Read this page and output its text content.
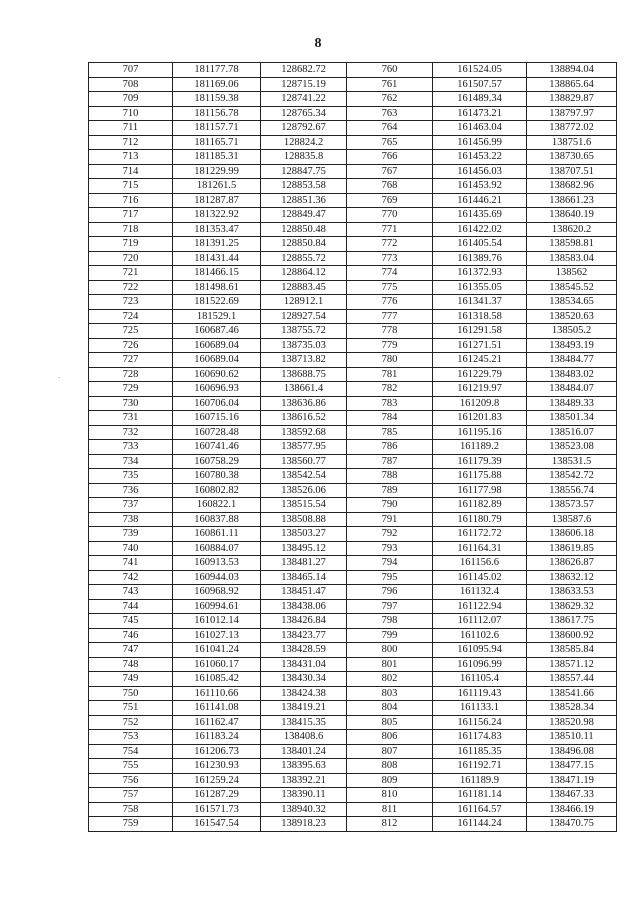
8
.
707	181177.78	128682.72	760	161524.05	138894.04
708	181169.06	128715.19	761	161507.57	138865.64
709	181159.38	128741.22	762	161489.34	138829.87
710	181156.78	128765.34	763	161473.21	138797.97
711	181157.71	128792.67	764	161463.04	138772.02
712	181165.71	128824.2	765	161456.99	138751.6
713	181185.31	128835.8	766	161453.22	138730.65
714	181229.99	128847.75	767	161456.03	138707.51
715	181261.5	128853.58	768	161453.92	138682.96
716	181287.87	128851.36	769	161446.21	138661.23
717	181322.92	128849.47	770	161435.69	138640.19
718	181353.47	128850.48	771	161422.02	138620.2
719	181391.25	128850.84	772	161405.54	138598.81
720	181431.44	128855.72	773	161389.76	138583.04
721	181466.15	128864.12	774	161372.93	138562
722	181498.61	128883.45	775	161355.05	138545.52
723	181522.69	128912.1	776	161341.37	138534.65
724	181529.1	128927.54	777	161318.58	138520.63
725	160687.46	138755.72	778	161291.58	138505.2
726	160689.04	138735.03	779	161271.51	138493.19
727	160689.04	138713.82	780	161245.21	138484.77
728	160690.62	138688.75	781	161229.79	138483.02
729	160696.93	138661.4	782	161219.97	138484.07
730	160706.04	138636.86	783	161209.8	138489.33
731	160715.16	138616.52	784	161201.83	138501.34
732	160728.48	138592.68	785	161195.16	138516.07
733	160741.46	138577.95	786	161189.2	138523.08
734	160758.29	138560.77	787	161179.39	138531.5
735	160780.38	138542.54	788	161175.88	138542.72
736	160802.82	138526.06	789	161177.98	138556.74
737	160822.1	138515.54	790	161182.89	138573.57
738	160837.88	138508.88	791	161180.79	138587.6
739	160861.11	138503.27	792	161172.72	138606.18
740	160884.07	138495.12	793	161164.31	138619.85
741	160913.53	138481.27	794	161156.6	138626.87
742	160944.03	138465.14	795	161145.02	138632.12
743	160968.92	138451.47	796	161132.4	138633.53
744	160994.61	138438.06	797	161122.94	138629.32
745	161012.14	138426.84	798	161112.07	138617.75
746	161027.13	138423.77	799	161102.6	138600.92
747	161041.24	138428.59	800	161095.94	138585.84
748	161060.17	138431.04	801	161096.99	138571.12
749	161085.42	138430.34	802	161105.4	138557.44
750	161110.66	138424.38	803	161119.43	138541.66
751	161141.08	138419.21	804	161133.1	138528.34
752	161162.47	138415.35	805	161156.24	138520.98
753	161183.24	138408.6	806	161174.83	138510.11
754	161206.73	138401.24	807	161185.35	138496.08
755	161230.93	138395.63	808	161192.71	138477.15
756	161259.24	138392.21	809	161189.9	138471.19
757	161287.29	138390.11	810	161181.14	138467.33
758	161571.73	138940.32	811	161164.57	138466.19
759	161547.54	138918.23	812	161144.24	138470.75
